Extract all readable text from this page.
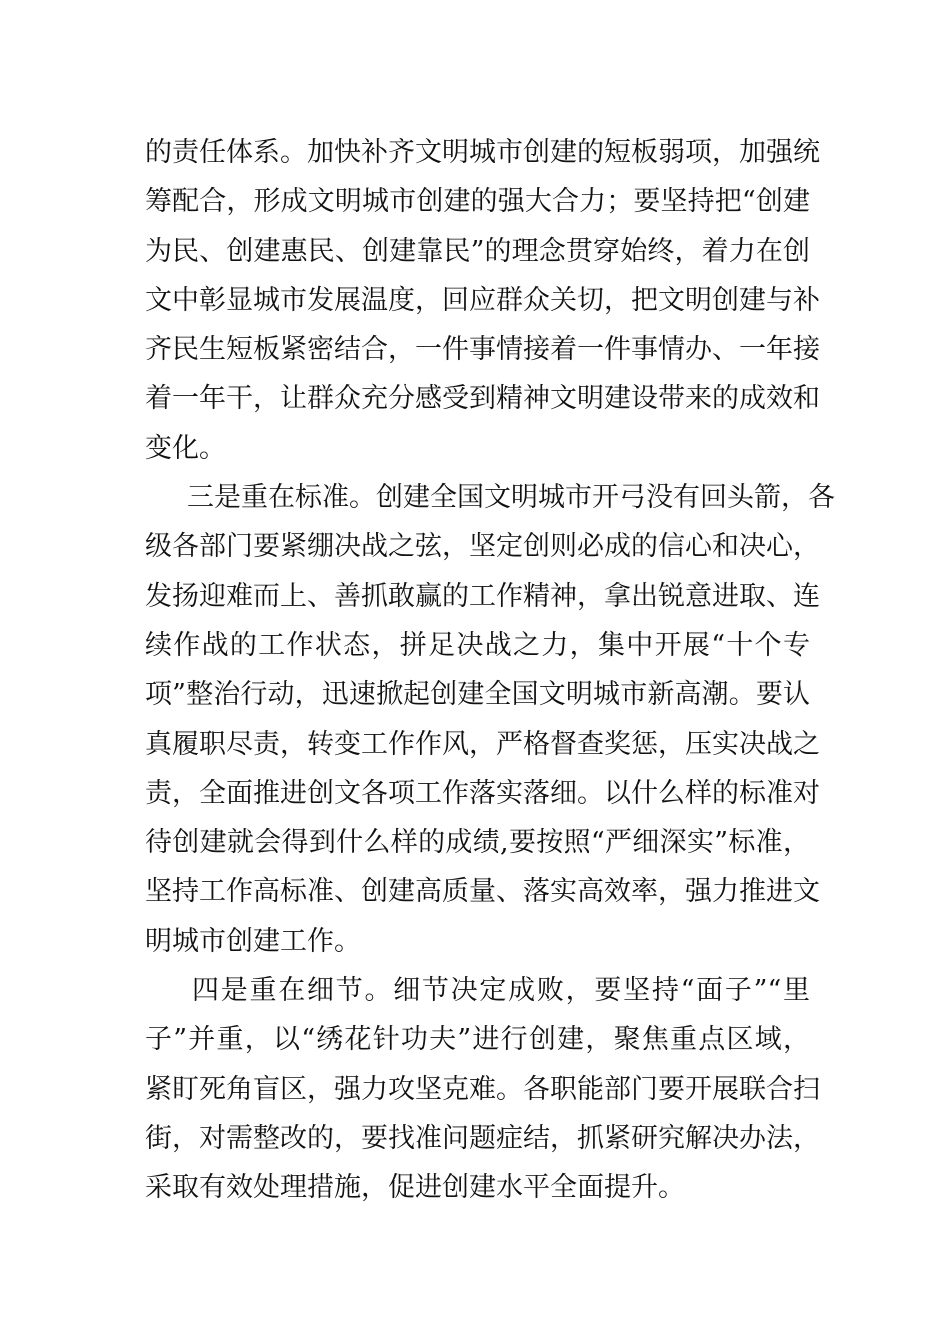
的责任体系。加快补齐文明城市创建的短板弱项，加强统
筹配合，形成文明城市创建的强大合力；要坚持把“创建
为民、创建惠民、创建靠民”的理念贯穿始终，着力在创
文中彰显城市发展温度，回应群众关切，把文明创建与补
齐民生短板紧密结合，一件事情接着一件事情办、一年接
着一年干，让群众充分感受到精神文明建设带来的成效和
变化。
三是重在标准。创建全国文明城市开弓没有回头箭，各
级各部门要紧绷决战之弦，坚定创则必成的信心和决心，
发扬迎难而上、善抓敢赢的工作精神，拿出锐意进取、连
续作战的工作状态，拼足决战之力，集中开展“十个专
项”整治行动，迅速掀起创建全国文明城市新高潮。要认
真履职尽责，转变工作作风，严格督查奖惩，压实决战之
责，全面推进创文各项工作落实落细。以什么样的标准对
待创建就会得到什么样的成绩,要按照“严细深实”标准，
坚持工作高标准、创建高质量、落实高效率，强力推进文
明城市创建工作。
四是重在细节。细节决定成败，要坚持“面子”“里
子”并重，以“绣花针功夫”进行创建，聚焦重点区域，
紧盯死角盲区，强力攻坚克难。各职能部门要开展联合扫
街，对需整改的，要找准问题症结，抓紧研究解决办法，
采取有效处理措施，促进创建水平全面提升。
